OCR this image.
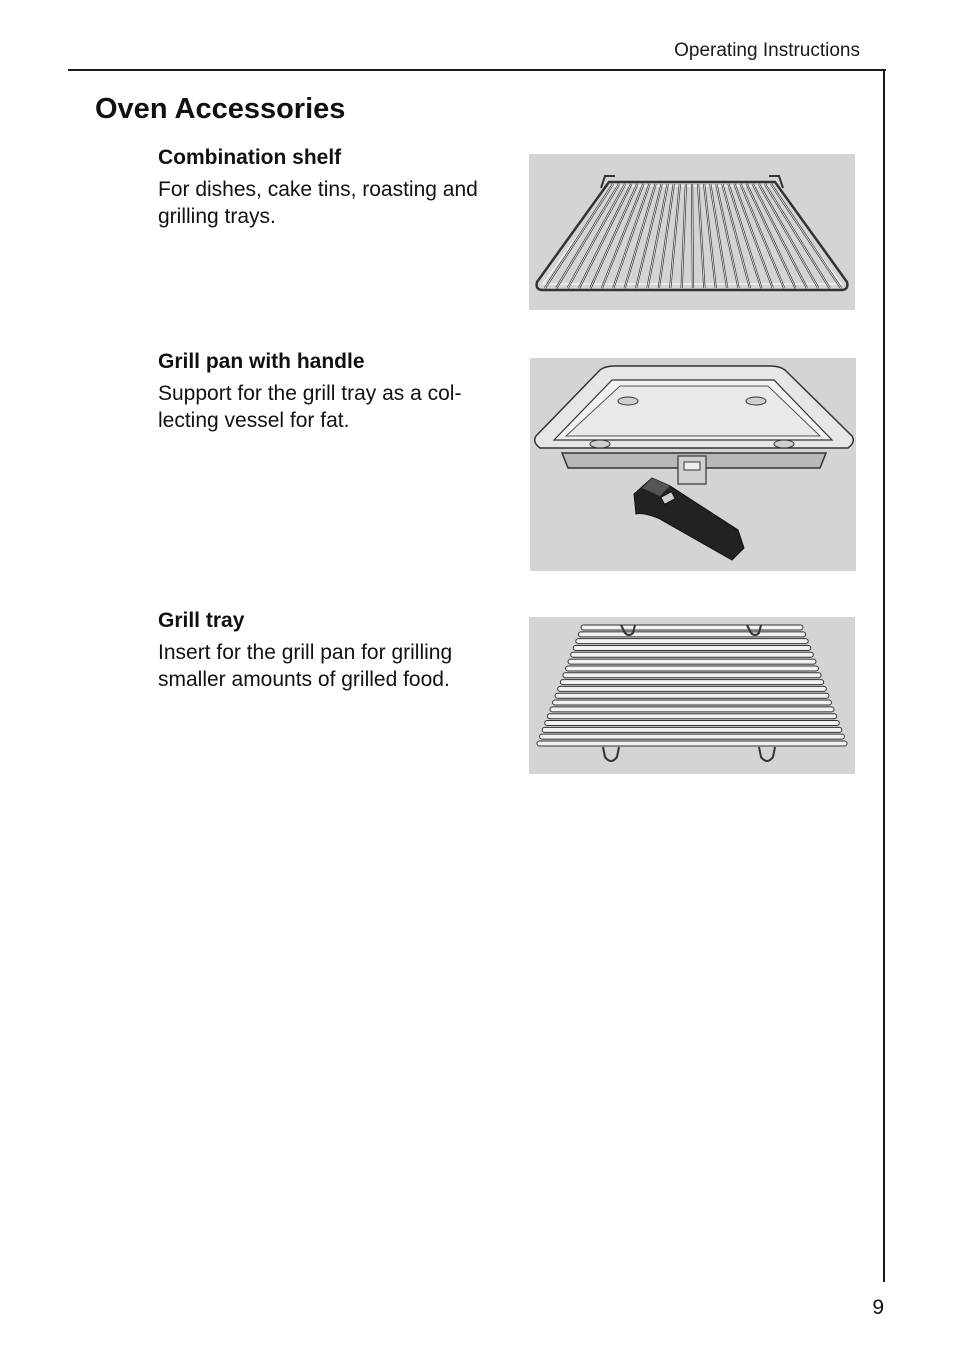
Operating Instructions
Oven Accessories
Combination shelf

For dishes, cake tins, roasting and grilling trays.

Grill pan with handle

Support for the grill tray as a col-lecting vessel for fat.

Grill tray

Insert for the grill pan for grilling smaller amounts of grilled food.

9
